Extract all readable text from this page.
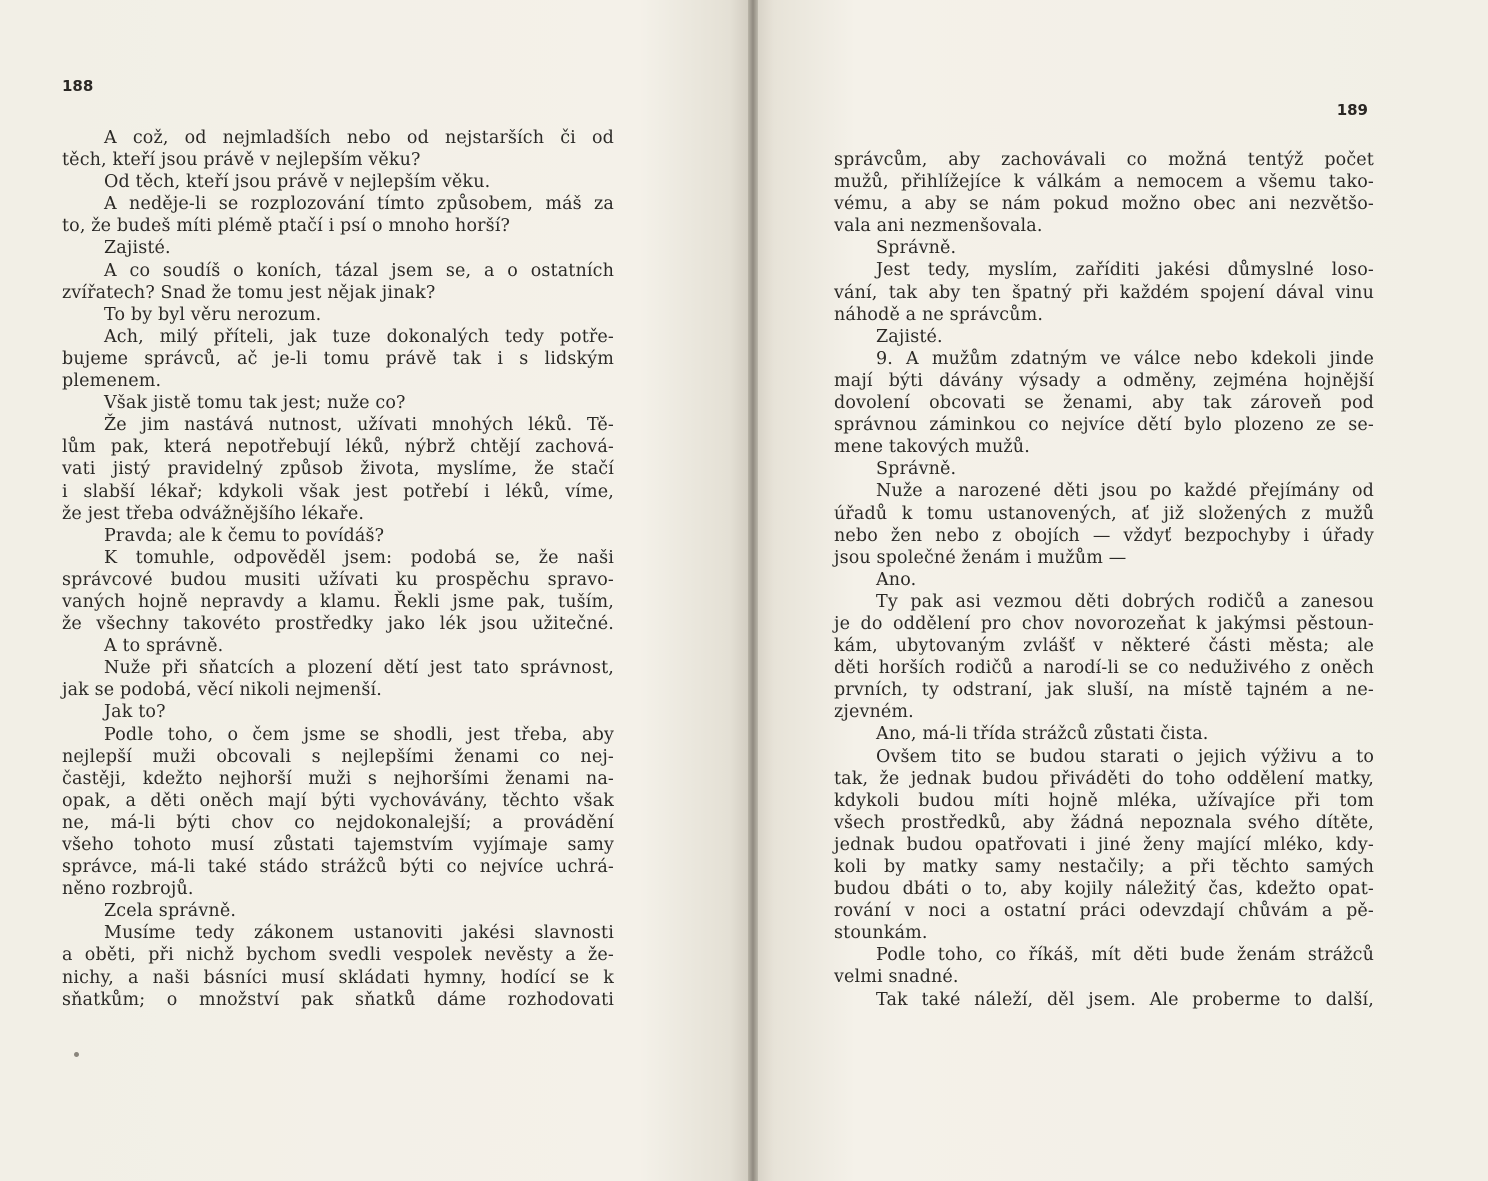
188
A což, od nejmladších nebo od nejstarších či od
těch, kteří jsou právě v nejlepším věku?
Od těch, kteří jsou právě v nejlepším věku.
A neděje-li se rozplozování tímto způsobem, máš za
to, že budeš míti plémě ptačí i psí o mnoho horší?
Zajisté.
A co soudíš o koních, tázal jsem se, a o ostatních
zvířatech? Snad že tomu jest nějak jinak?
To by byl věru nerozum.
Ach, milý příteli, jak tuze dokonalých tedy potře-
bujeme správců, ač je-li tomu právě tak i s lidským
plemenem.
Však jistě tomu tak jest; nuže co?
Že jim nastává nutnost, užívati mnohých léků. Tě-
lům pak, která nepotřebují léků, nýbrž chtějí zachová-
vati jistý pravidelný způsob života, myslíme, že stačí
i slabší lékař; kdykoli však jest potřebí i léků, víme,
že jest třeba odvážnějšího lékaře.
Pravda; ale k čemu to povídáš?
K tomuhle, odpověděl jsem: podobá se, že naši
správcové budou musiti užívati ku prospěchu spravo-
vaných hojně nepravdy a klamu. Řekli jsme pak, tuším,
že všechny takovéto prostředky jako lék jsou užitečné.
A to správně.
Nuže při sňatcích a plození dětí jest tato správnost,
jak se podobá, věcí nikoli nejmenší.
Jak to?
Podle toho, o čem jsme se shodli, jest třeba, aby
nejlepší muži obcovali s nejlepšími ženami co nej-
častěji, kdežto nejhorší muži s nejhoršími ženami na-
opak, a děti oněch mají býti vychovávány, těchto však
ne, má-li býti chov co nejdokonalejší; a provádění
všeho tohoto musí zůstati tajemstvím vyjímaje samy
správce, má-li také stádo strážců býti co nejvíce uchrá-
něno rozbrojů.
Zcela správně.
Musíme tedy zákonem ustanoviti jakési slavnosti
a oběti, při nichž bychom svedli vespolek nevěsty a že-
nichy, a naši básníci musí skládati hymny, hodící se k
sňatkům; o množství pak sňatků dáme rozhodovati
189
správcům, aby zachovávali co možná tentýž počet
mužů, přihlížejíce k válkám a nemocem a všemu tako-
vému, a aby se nám pokud možno obec ani nezvětšo-
vala ani nezmenšovala.
Správně.
Jest tedy, myslím, zaříditi jakési důmyslné loso-
vání, tak aby ten špatný při každém spojení dával vinu
náhodě a ne správcům.
Zajisté.
9. A mužům zdatným ve válce nebo kdekoli jinde
mají býti dávány výsady a odměny, zejména hojnější
dovolení obcovati se ženami, aby tak zároveň pod
správnou záminkou co nejvíce dětí bylo plozeno ze se-
mene takových mužů.
Správně.
Nuže a narozené děti jsou po každé přejímány od
úřadů k tomu ustanovených, ať již složených z mužů
nebo žen nebo z obojích — vždyť bezpochyby i úřady
jsou společné ženám i mužům —
Ano.
Ty pak asi vezmou děti dobrých rodičů a zanesou
je do oddělení pro chov novorozeňat k jakýmsi pěstoun-
kám, ubytovaným zvlášť v některé části města; ale
děti horších rodičů a narodí-li se co neduživého z oněch
prvních, ty odstraní, jak sluší, na místě tajném a ne-
zjevném.
Ano, má-li třída strážců zůstati čista.
Ovšem tito se budou starati o jejich výživu a to
tak, že jednak budou přiváděti do toho oddělení matky,
kdykoli budou míti hojně mléka, užívajíce při tom
všech prostředků, aby žádná nepoznala svého dítěte,
jednak budou opatřovati i jiné ženy mající mléko, kdy-
koli by matky samy nestačily; a při těchto samých
budou dbáti o to, aby kojily náležitý čas, kdežto opat-
rování v noci a ostatní práci odevzdají chůvám a pě-
stounkám.
Podle toho, co říkáš, mít děti bude ženám strážců
velmi snadné.
Tak také náleží, děl jsem. Ale proberme to další,
